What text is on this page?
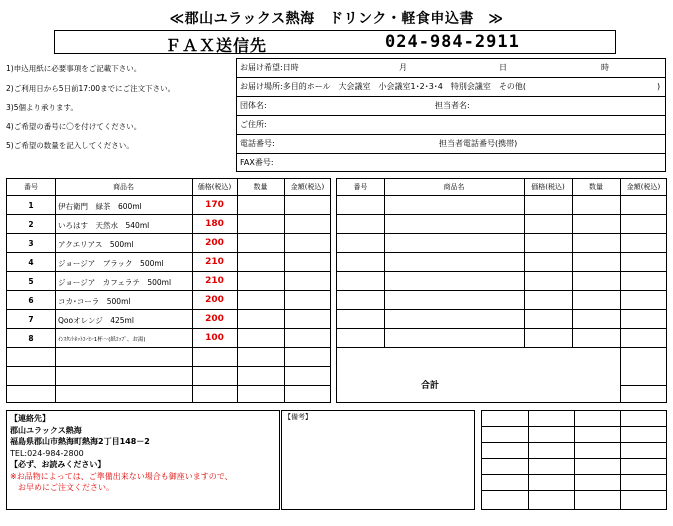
≪郡山ユラックス熱海　ドリンク・軽食申込書　≫
ＦＡＸ送信先	024-984-2911
1)申込用紙に必要事項をご記載下さい。
2)ご利用日から5日前17:00までにご注文下さい。
3)5個より承ります。
4)ご希望の番号に〇を付けてください。
5)ご希望の数量を記入してください。
お届け希望:日時	月	日	時
お届け場所:多目的ホール　大会議室　小会議室1･2･3･4　特別会議室　その他(	)
団体名:	担当者名:
ご住所:
電話番号:	担当者電話番号(携帯)
FAX番号:
番号	商品名	価格(税込)	数量	金額(税込)
1	伊右衛門　緑茶　600ml	170
2	いろはす　天然水　540ml	180
3	アクエリアス　500ml	200
4	ジョージア　ブラック　500ml	210
5	ジョージア　カフェラテ　500ml	210
6	コカ･コーラ　500ml	200
7	Qooオレンジ　425ml	200
8	ｲﾝｽﾀﾝﾄﾎｯﾄｺｰﾋｰ1杯～(紙ｺｯﾌﾟ、お湯)	100
番号	商品名	価格(税込)	数量	金額(税込)
合計
【連絡先】
郡山ユラックス熱海
福島県郡山市熱海町熱海2丁目148－2
TEL:024-984-2800
【必ず、お読みください】
※お品物によっては、ご準備出来ない場合も御座いますので、
お早めにご注文ください。
【備考】
